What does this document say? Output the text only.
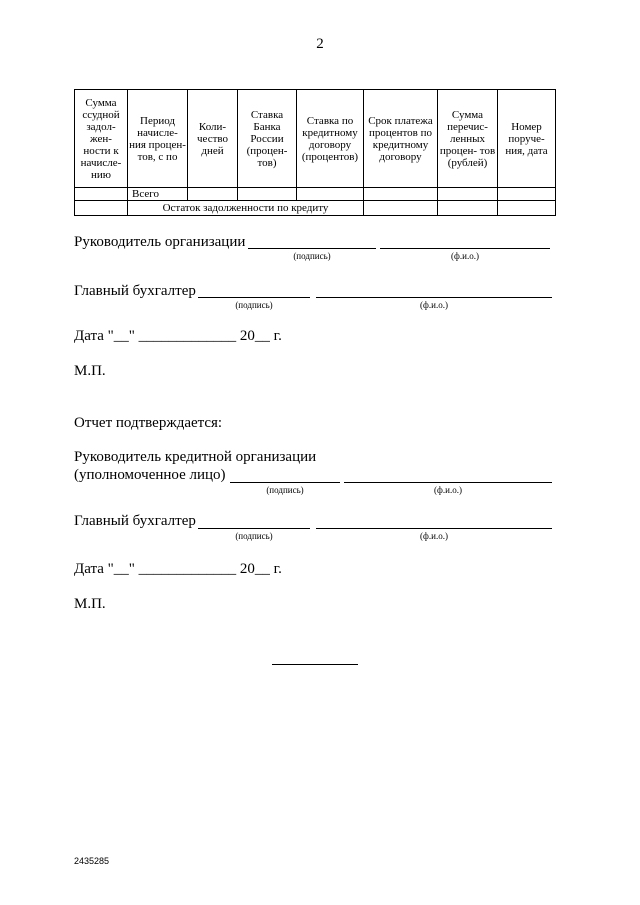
2
Сумма ссудной задол- жен- ности к начисле- нию	Период начисле- ния процен- тов, с по	Коли- чество дней	Ставка Банка России (процен- тов)	Ставка по кредитному договору (процентов)	Срок платежа процентов по кредитному договору	Сумма перечис- ленных процен- тов (рублей)	Номер поруче- ния, дата
	Всего						
	Остаток задолженности по кредиту						
Руководитель организации
(подпись)	(ф.и.о.)
Главный бухгалтер
(подпись)	(ф.и.о.)
Дата "__" _____________ 20__ г.
М.П.
Отчет подтверждается:
Руководитель кредитной организации
(уполномоченное лицо)
(подпись)	(ф.и.о.)
Главный бухгалтер
(подпись)	(ф.и.о.)
Дата "__" _____________ 20__ г.
М.П.
2435285
